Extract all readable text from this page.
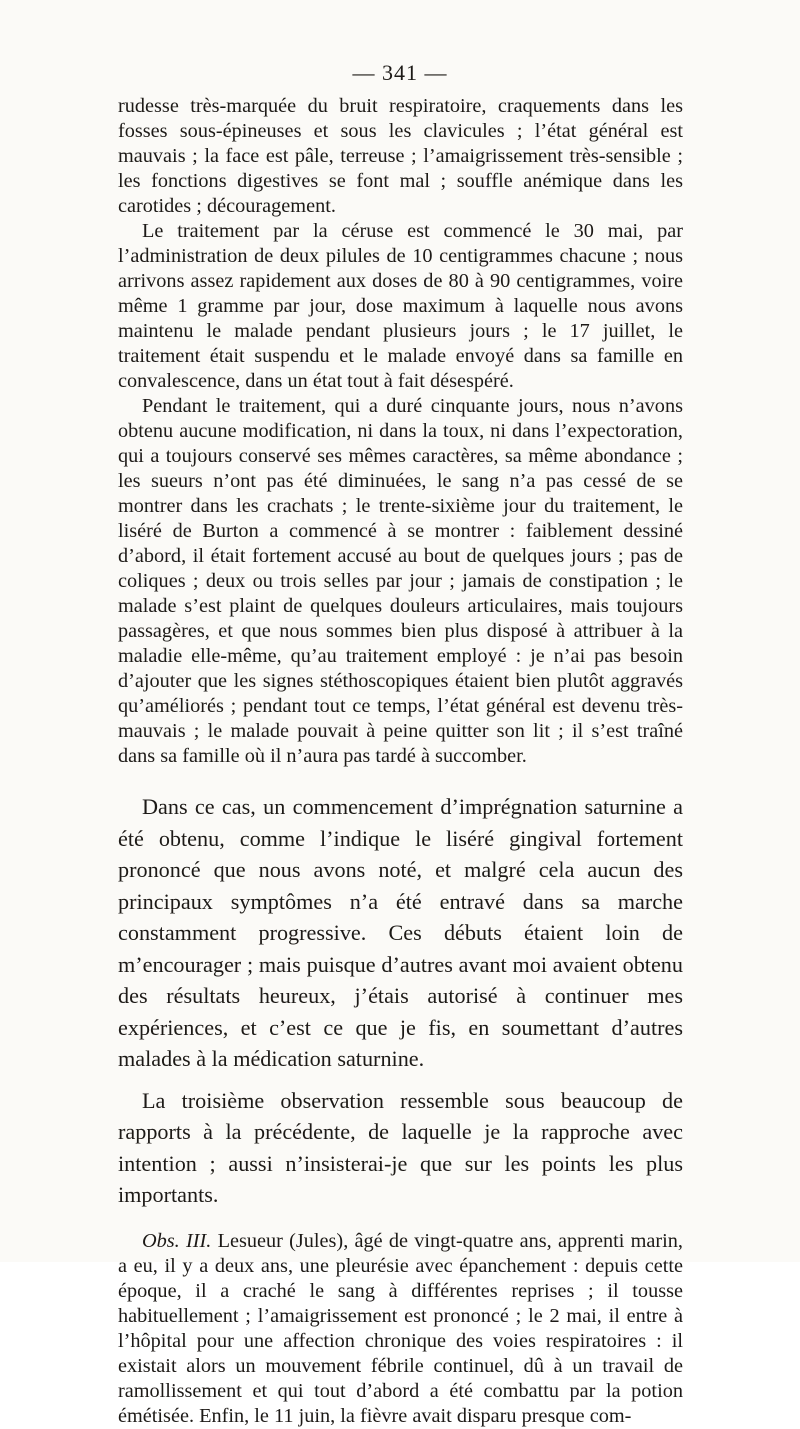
— 341 —

rudesse très-marquée du bruit respiratoire, craquements dans les fosses sous-épineuses et sous les clavicules ; l’état général est mauvais ; la face est pâle, terreuse ; l’amaigrissement très-sensible ; les fonctions digestives se font mal ; souffle anémique dans les carotides ; découragement.

Le traitement par la céruse est commencé le 30 mai, par l’administration de deux pilules de 10 centigrammes chacune ; nous arrivons assez rapidement aux doses de 80 à 90 centigrammes, voire même 1 gramme par jour, dose maximum à laquelle nous avons maintenu le malade pendant plusieurs jours ; le 17 juillet, le traitement était suspendu et le malade envoyé dans sa famille en convalescence, dans un état tout à fait désespéré.

Pendant le traitement, qui a duré cinquante jours, nous n’avons obtenu aucune modification, ni dans la toux, ni dans l’expectoration, qui a toujours conservé ses mêmes caractères, sa même abondance ; les sueurs n’ont pas été diminuées, le sang n’a pas cessé de se montrer dans les crachats ; le trente-sixième jour du traitement, le liséré de Burton a commencé à se montrer : faiblement dessiné d’abord, il était fortement accusé au bout de quelques jours ; pas de coliques ; deux ou trois selles par jour ; jamais de constipation ; le malade s’est plaint de quelques douleurs articulaires, mais toujours passagères, et que nous sommes bien plus disposé à attribuer à la maladie elle-même, qu’au traitement employé : je n’ai pas besoin d’ajouter que les signes stéthoscopiques étaient bien plutôt aggravés qu’améliorés ; pendant tout ce temps, l’état général est devenu très-mauvais ; le malade pouvait à peine quitter son lit ; il s’est traîné dans sa famille où il n’aura pas tardé à succomber.

Dans ce cas, un commencement d’imprégnation saturnine a été obtenu, comme l’indique le liséré gingival fortement prononcé que nous avons noté, et malgré cela aucun des principaux symptômes n’a été entravé dans sa marche constamment progressive. Ces débuts étaient loin de m’encourager ; mais puisque d’autres avant moi avaient obtenu des résultats heureux, j’étais autorisé à continuer mes expériences, et c’est ce que je fis, en soumettant d’autres malades à la médication saturnine.

La troisième observation ressemble sous beaucoup de rapports à la précédente, de laquelle je la rapproche avec intention ; aussi n’insisterai-je que sur les points les plus importants.

Obs. III. Lesueur (Jules), âgé de vingt-quatre ans, apprenti marin, a eu, il y a deux ans, une pleurésie avec épanchement : depuis cette époque, il a craché le sang à différentes reprises ; il tousse habituellement ; l’amaigrissement est prononcé ; le 2 mai, il entre à l’hôpital pour une affection chronique des voies respiratoires : il existait alors un mouvement fébrile continuel, dû à un travail de ramollissement et qui tout d’abord a été combattu par la potion émétisée. Enfin, le 11 juin, la fièvre avait disparu presque com-
